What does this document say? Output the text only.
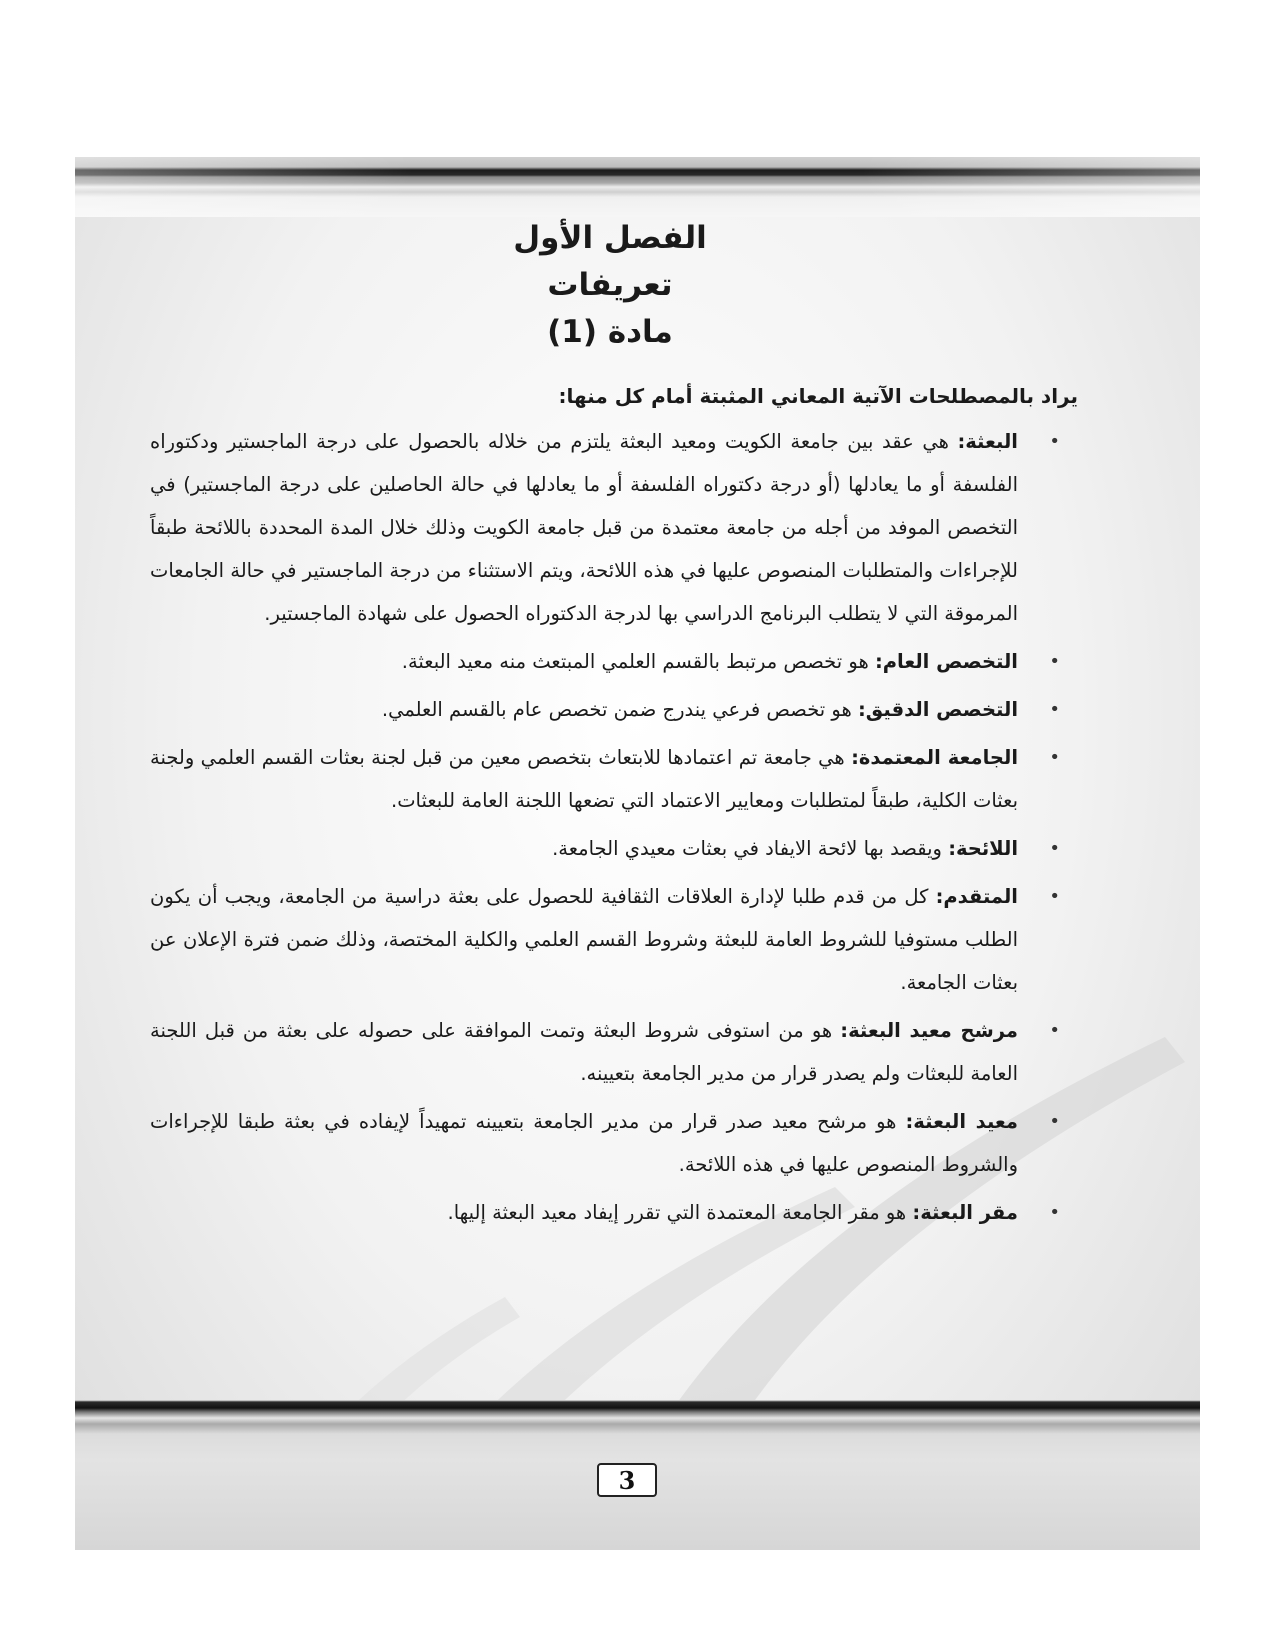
3
الفصل الأول
تعريفات
مادة (1)

يراد بالمصطلحات الآتية المعاني المثبتة أمام كل منها:

•
البعثة: هي عقد بين جامعة الكويت ومعيد البعثة يلتزم من خلاله بالحصول على درجة الماجستير ودكتوراه الفلسفة أو ما يعادلها (أو درجة دكتوراه الفلسفة أو ما يعادلها في حالة الحاصلين على درجة الماجستير) في التخصص الموفد من أجله من جامعة معتمدة من قبل جامعة الكويت وذلك خلال المدة المحددة باللائحة طبقاً للإجراءات والمتطلبات المنصوص عليها في هذه اللائحة، ويتم الاستثناء من درجة الماجستير في حالة الجامعات المرموقة التي لا يتطلب البرنامج الدراسي بها لدرجة الدكتوراه الحصول على شهادة الماجستير.
•
التخصص العام: هو تخصص مرتبط بالقسم العلمي المبتعث منه معيد البعثة.
•
التخصص الدقيق: هو تخصص فرعي يندرج ضمن تخصص عام بالقسم العلمي.
•
الجامعة المعتمدة: هي جامعة تم اعتمادها للابتعاث بتخصص معين من قبل لجنة بعثات القسم العلمي ولجنة بعثات الكلية، طبقاً لمتطلبات ومعايير الاعتماد التي تضعها اللجنة العامة للبعثات.
•
اللائحة: ويقصد بها لائحة الايفاد في بعثات معيدي الجامعة.
•
المتقدم: كل من قدم طلبا لإدارة العلاقات الثقافية للحصول على بعثة دراسية من الجامعة، ويجب أن يكون الطلب مستوفيا للشروط العامة للبعثة وشروط القسم العلمي والكلية المختصة، وذلك ضمن فترة الإعلان عن بعثات الجامعة.
•
مرشح معيد البعثة: هو من استوفى شروط البعثة وتمت الموافقة على حصوله على بعثة من قبل اللجنة العامة للبعثات ولم يصدر قرار من مدير الجامعة بتعيينه.
•
معيد البعثة: هو مرشح معيد صدر قرار من مدير الجامعة بتعيينه تمهيداً لإيفاده في بعثة طبقا للإجراءات والشروط المنصوص عليها في هذه اللائحة.
•
مقر البعثة: هو مقر الجامعة المعتمدة التي تقرر إيفاد معيد البعثة إليها.
